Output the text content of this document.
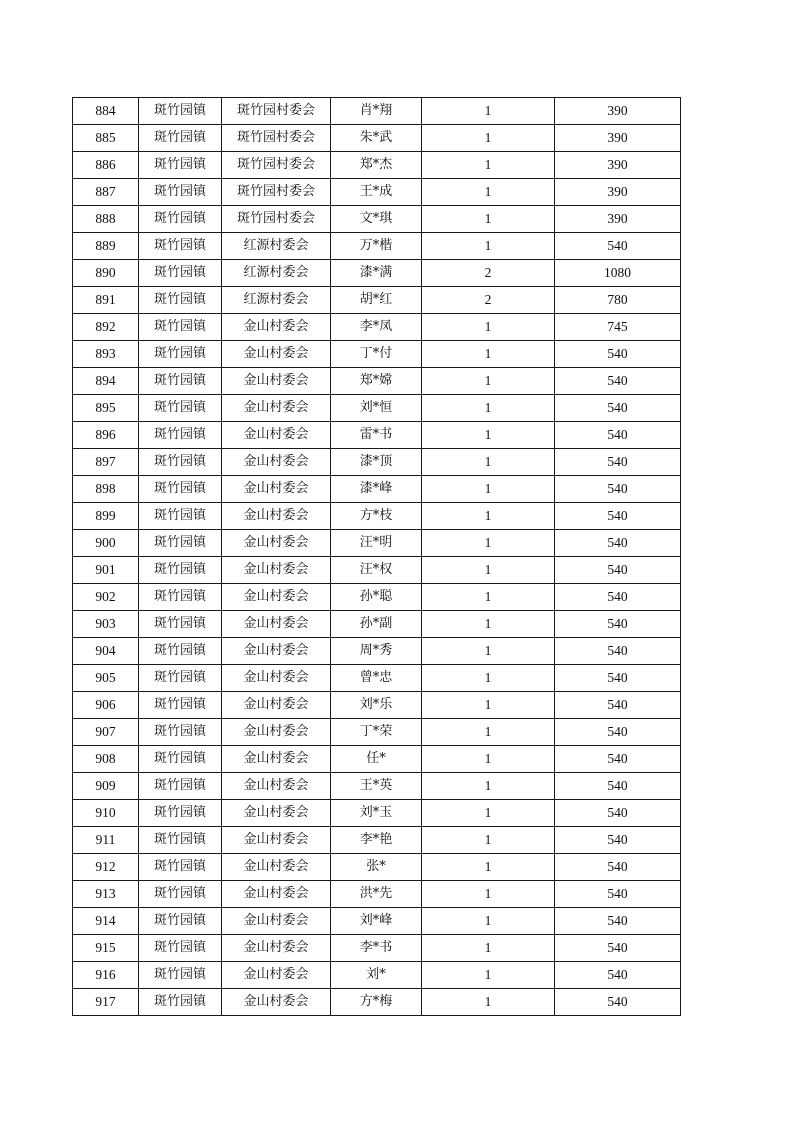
884	斑竹园镇	斑竹园村委会	肖*翔	1	390
885	斑竹园镇	斑竹园村委会	朱*武	1	390
886	斑竹园镇	斑竹园村委会	郑*杰	1	390
887	斑竹园镇	斑竹园村委会	王*成	1	390
888	斑竹园镇	斑竹园村委会	文*琪	1	390
889	斑竹园镇	红源村委会	万*楷	1	540
890	斑竹园镇	红源村委会	漆*满	2	1080
891	斑竹园镇	红源村委会	胡*红	2	780
892	斑竹园镇	金山村委会	李*凤	1	745
893	斑竹园镇	金山村委会	丁*付	1	540
894	斑竹园镇	金山村委会	郑*嫦	1	540
895	斑竹园镇	金山村委会	刘*恒	1	540
896	斑竹园镇	金山村委会	雷*书	1	540
897	斑竹园镇	金山村委会	漆*顶	1	540
898	斑竹园镇	金山村委会	漆*峰	1	540
899	斑竹园镇	金山村委会	方*枝	1	540
900	斑竹园镇	金山村委会	汪*明	1	540
901	斑竹园镇	金山村委会	汪*权	1	540
902	斑竹园镇	金山村委会	孙*聪	1	540
903	斑竹园镇	金山村委会	孙*副	1	540
904	斑竹园镇	金山村委会	周*秀	1	540
905	斑竹园镇	金山村委会	曾*忠	1	540
906	斑竹园镇	金山村委会	刘*乐	1	540
907	斑竹园镇	金山村委会	丁*荣	1	540
908	斑竹园镇	金山村委会	任*	1	540
909	斑竹园镇	金山村委会	王*英	1	540
910	斑竹园镇	金山村委会	刘*玉	1	540
911	斑竹园镇	金山村委会	李*艳	1	540
912	斑竹园镇	金山村委会	张*	1	540
913	斑竹园镇	金山村委会	洪*先	1	540
914	斑竹园镇	金山村委会	刘*峰	1	540
915	斑竹园镇	金山村委会	李*书	1	540
916	斑竹园镇	金山村委会	刘*	1	540
917	斑竹园镇	金山村委会	方*梅	1	540
